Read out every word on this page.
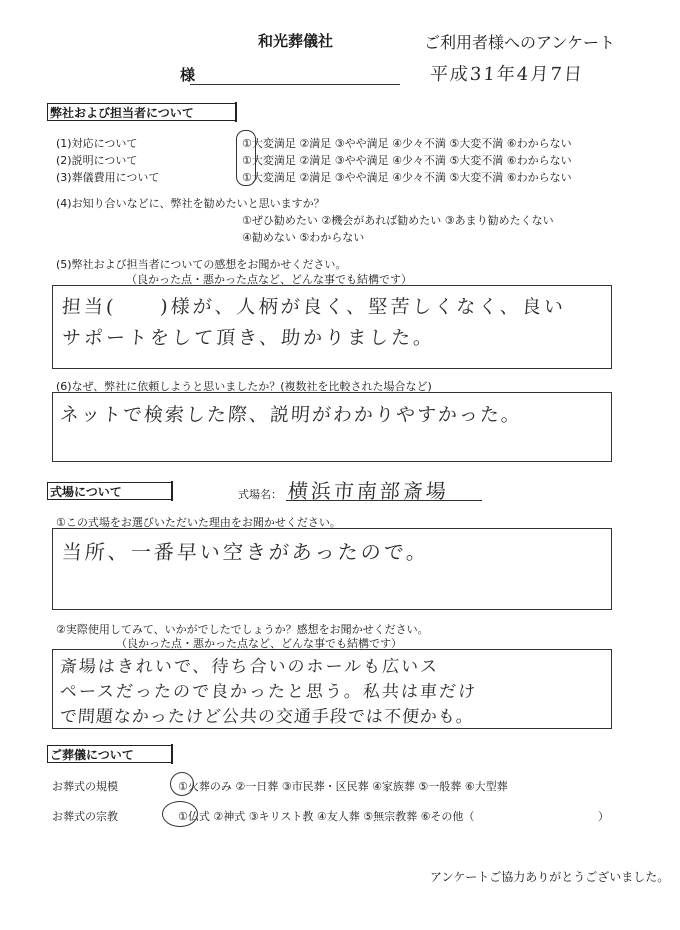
和光葬儀社	ご利用者様へのアンケート
様	平成31年4月7日
弊社および担当者について
(1)対応について	①大変満足 ②満足 ③やや満足 ④少々不満 ⑤大変不満 ⑥わからない
(2)説明について	①大変満足 ②満足 ③やや満足 ④少々不満 ⑤大変不満 ⑥わからない
(3)葬儀費用について	①大変満足 ②満足 ③やや満足 ④少々不満 ⑤大変不満 ⑥わからない
(4)お知り合いなどに、弊社を勧めたいと思いますか？
①ぜひ勧めたい ②機会があれば勧めたい ③あまり勧めたくない
④勧めない ⑤わからない
(5)弊社および担当者についての感想をお聞かせください。
（良かった点・悪かった点など、どんな事でも結構です）
担当(　　)様が、人柄が良く、堅苦しくなく、良い
サポートをして頂き、助かりました。
(6)なぜ、弊社に依頼しようと思いましたか？(複数社を比較された場合など)
ネットで検索した際、説明がわかりやすかった。
式場について	式場名： 横浜市南部斎場
①この式場をお選びいただいた理由をお聞かせください。
当所、一番早い空きがあったので。
②実際使用してみて、いかがでしたでしょうか？感想をお聞かせください。
（良かった点・悪かった点など、どんな事でも結構です）
斎場はきれいで、待ち合いのホールも広いス
ペースだったので良かったと思う。私共は車だけ
で問題なかったけど公共の交通手段では不便かも。
ご葬儀について
お葬式の規模	①火葬のみ ②一日葬 ③市民葬・区民葬 ④家族葬 ⑤一般葬 ⑥大型葬
お葬式の宗教	①仏式 ②神式 ③キリスト教 ④友人葬 ⑤無宗教葬 ⑥その他（	）
アンケートご協力ありがとうございました。
